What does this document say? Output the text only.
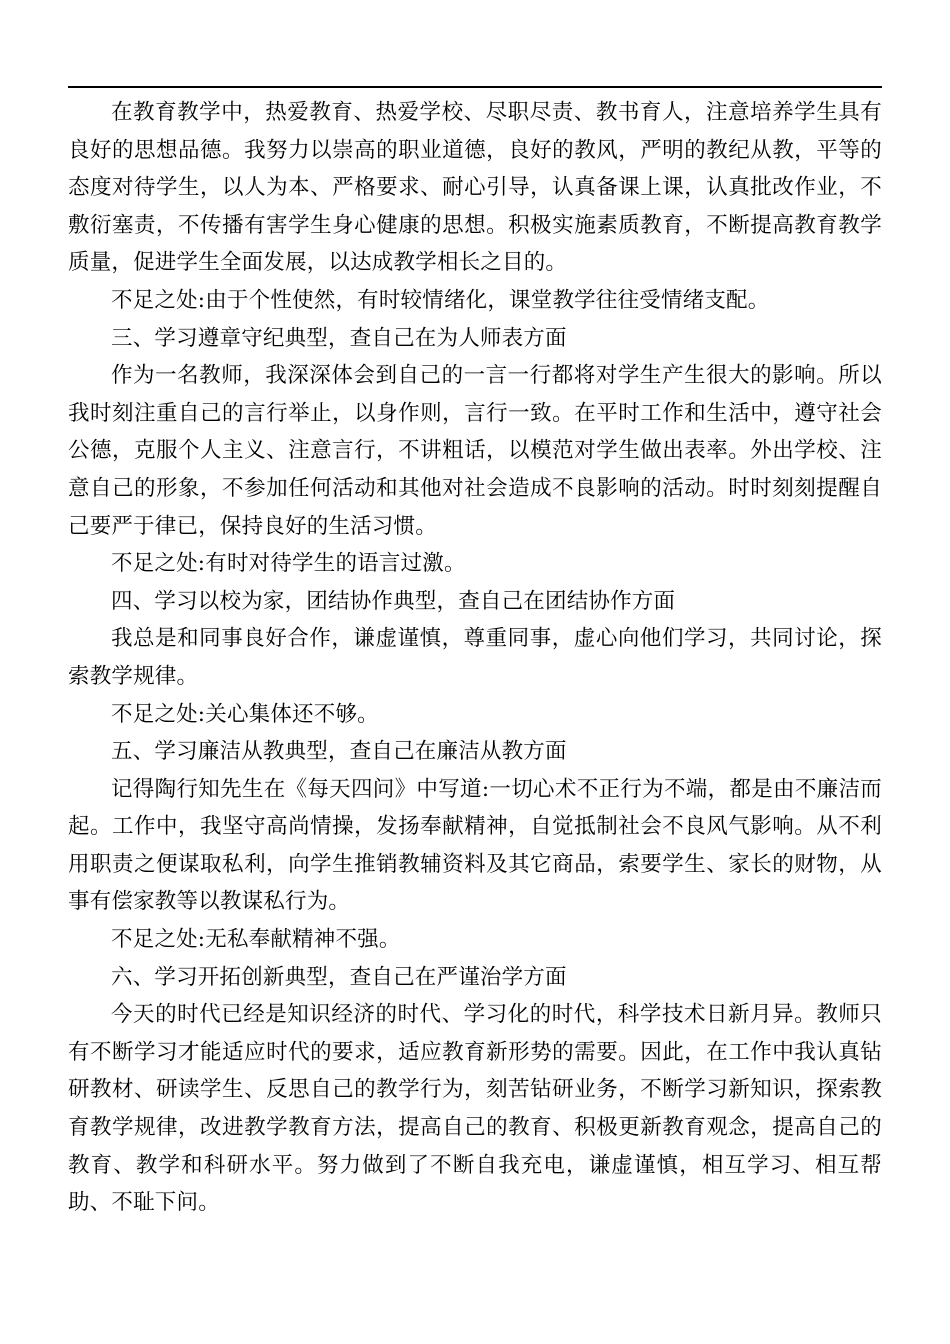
在教育教学中，热爱教育、热爱学校、尽职尽责、教书育人，注意培养学生具有良好的思想品德。我努力以崇高的职业道德，良好的教风，严明的教纪从教，平等的态度对待学生，以人为本、严格要求、耐心引导，认真备课上课，认真批改作业，不敷衍塞责，不传播有害学生身心健康的思想。积极实施素质教育，不断提高教育教学质量，促进学生全面发展，以达成教学相长之目的。

不足之处:由于个性使然，有时较情绪化，课堂教学往往受情绪支配。

三、学习遵章守纪典型，查自己在为人师表方面

作为一名教师，我深深体会到自己的一言一行都将对学生产生很大的影响。所以我时刻注重自己的言行举止，以身作则，言行一致。在平时工作和生活中，遵守社会公德，克服个人主义、注意言行，不讲粗话，以模范对学生做出表率。外出学校、注意自己的形象，不参加任何活动和其他对社会造成不良影响的活动。时时刻刻提醒自己要严于律已，保持良好的生活习惯。

不足之处:有时对待学生的语言过激。

四、学习以校为家，团结协作典型，查自己在团结协作方面

我总是和同事良好合作，谦虚谨慎，尊重同事，虚心向他们学习，共同讨论，探索教学规律。

不足之处:关心集体还不够。

五、学习廉洁从教典型，查自己在廉洁从教方面

记得陶行知先生在《每天四问》中写道:一切心术不正行为不端，都是由不廉洁而起。工作中，我坚守高尚情操，发扬奉献精神，自觉抵制社会不良风气影响。从不利用职责之便谋取私利，向学生推销教辅资料及其它商品，索要学生、家长的财物，从事有偿家教等以教谋私行为。

不足之处:无私奉献精神不强。

六、学习开拓创新典型，查自己在严谨治学方面

今天的时代已经是知识经济的时代、学习化的时代，科学技术日新月异。教师只有不断学习才能适应时代的要求，适应教育新形势的需要。因此，在工作中我认真钻研教材、研读学生、反思自己的教学行为，刻苦钻研业务，不断学习新知识，探索教育教学规律，改进教学教育方法，提高自己的教育、积极更新教育观念，提高自己的教育、教学和科研水平。努力做到了不断自我充电，谦虚谨慎，相互学习、相互帮助、不耻下问。
